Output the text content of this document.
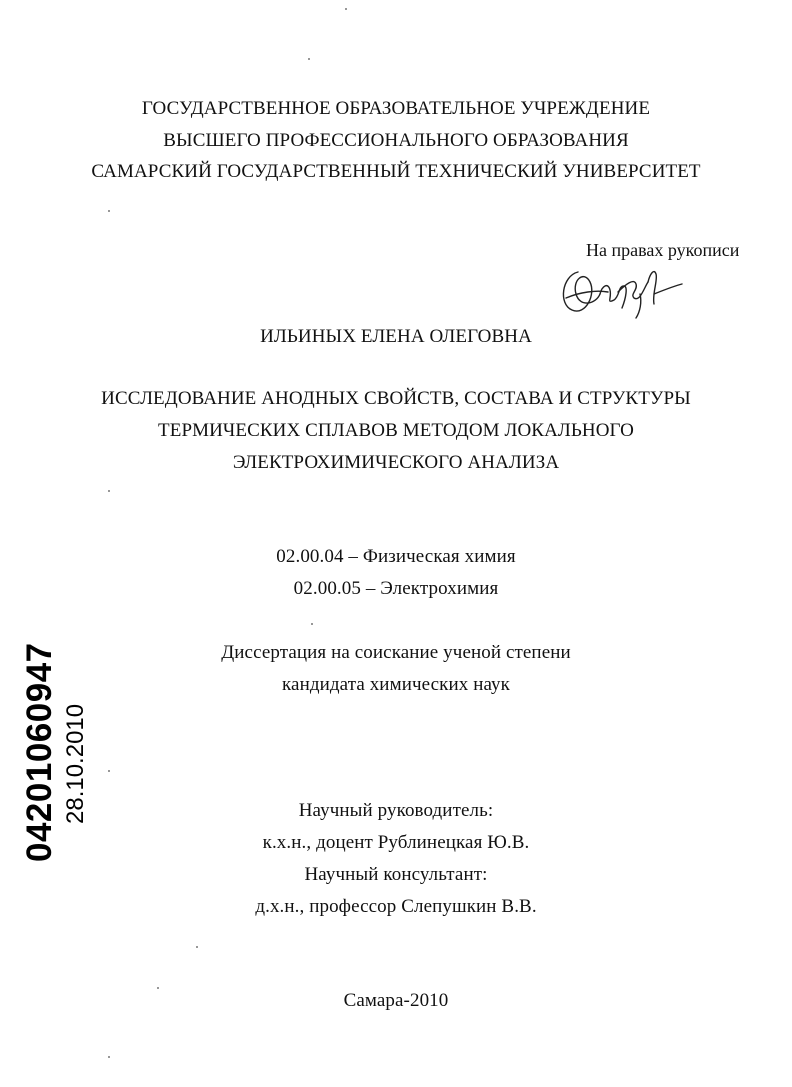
ГОСУДАРСТВЕННОЕ ОБРАЗОВАТЕЛЬНОЕ УЧРЕЖДЕНИЕ
ВЫСШЕГО ПРОФЕССИОНАЛЬНОГО ОБРАЗОВАНИЯ
САМАРСКИЙ ГОСУДАРСТВЕННЫЙ ТЕХНИЧЕСКИЙ УНИВЕРСИТЕТ
На правах рукописи
ИЛЬИНЫХ ЕЛЕНА ОЛЕГОВНА
ИССЛЕДОВАНИЕ АНОДНЫХ СВОЙСТВ, СОСТАВА И СТРУКТУРЫ
ТЕРМИЧЕСКИХ СПЛАВОВ МЕТОДОМ ЛОКАЛЬНОГО
ЭЛЕКТРОХИМИЧЕСКОГО АНАЛИЗА
02.00.04 – Физическая химия
02.00.05 – Электрохимия
Диссертация на соискание ученой степени
кандидата химических наук
Научный руководитель:
к.х.н., доцент Рублинецкая Ю.В.
Научный консультант:
д.х.н., профессор Слепушкин В.В.
Самара-2010
04201060947 28.10.2010
